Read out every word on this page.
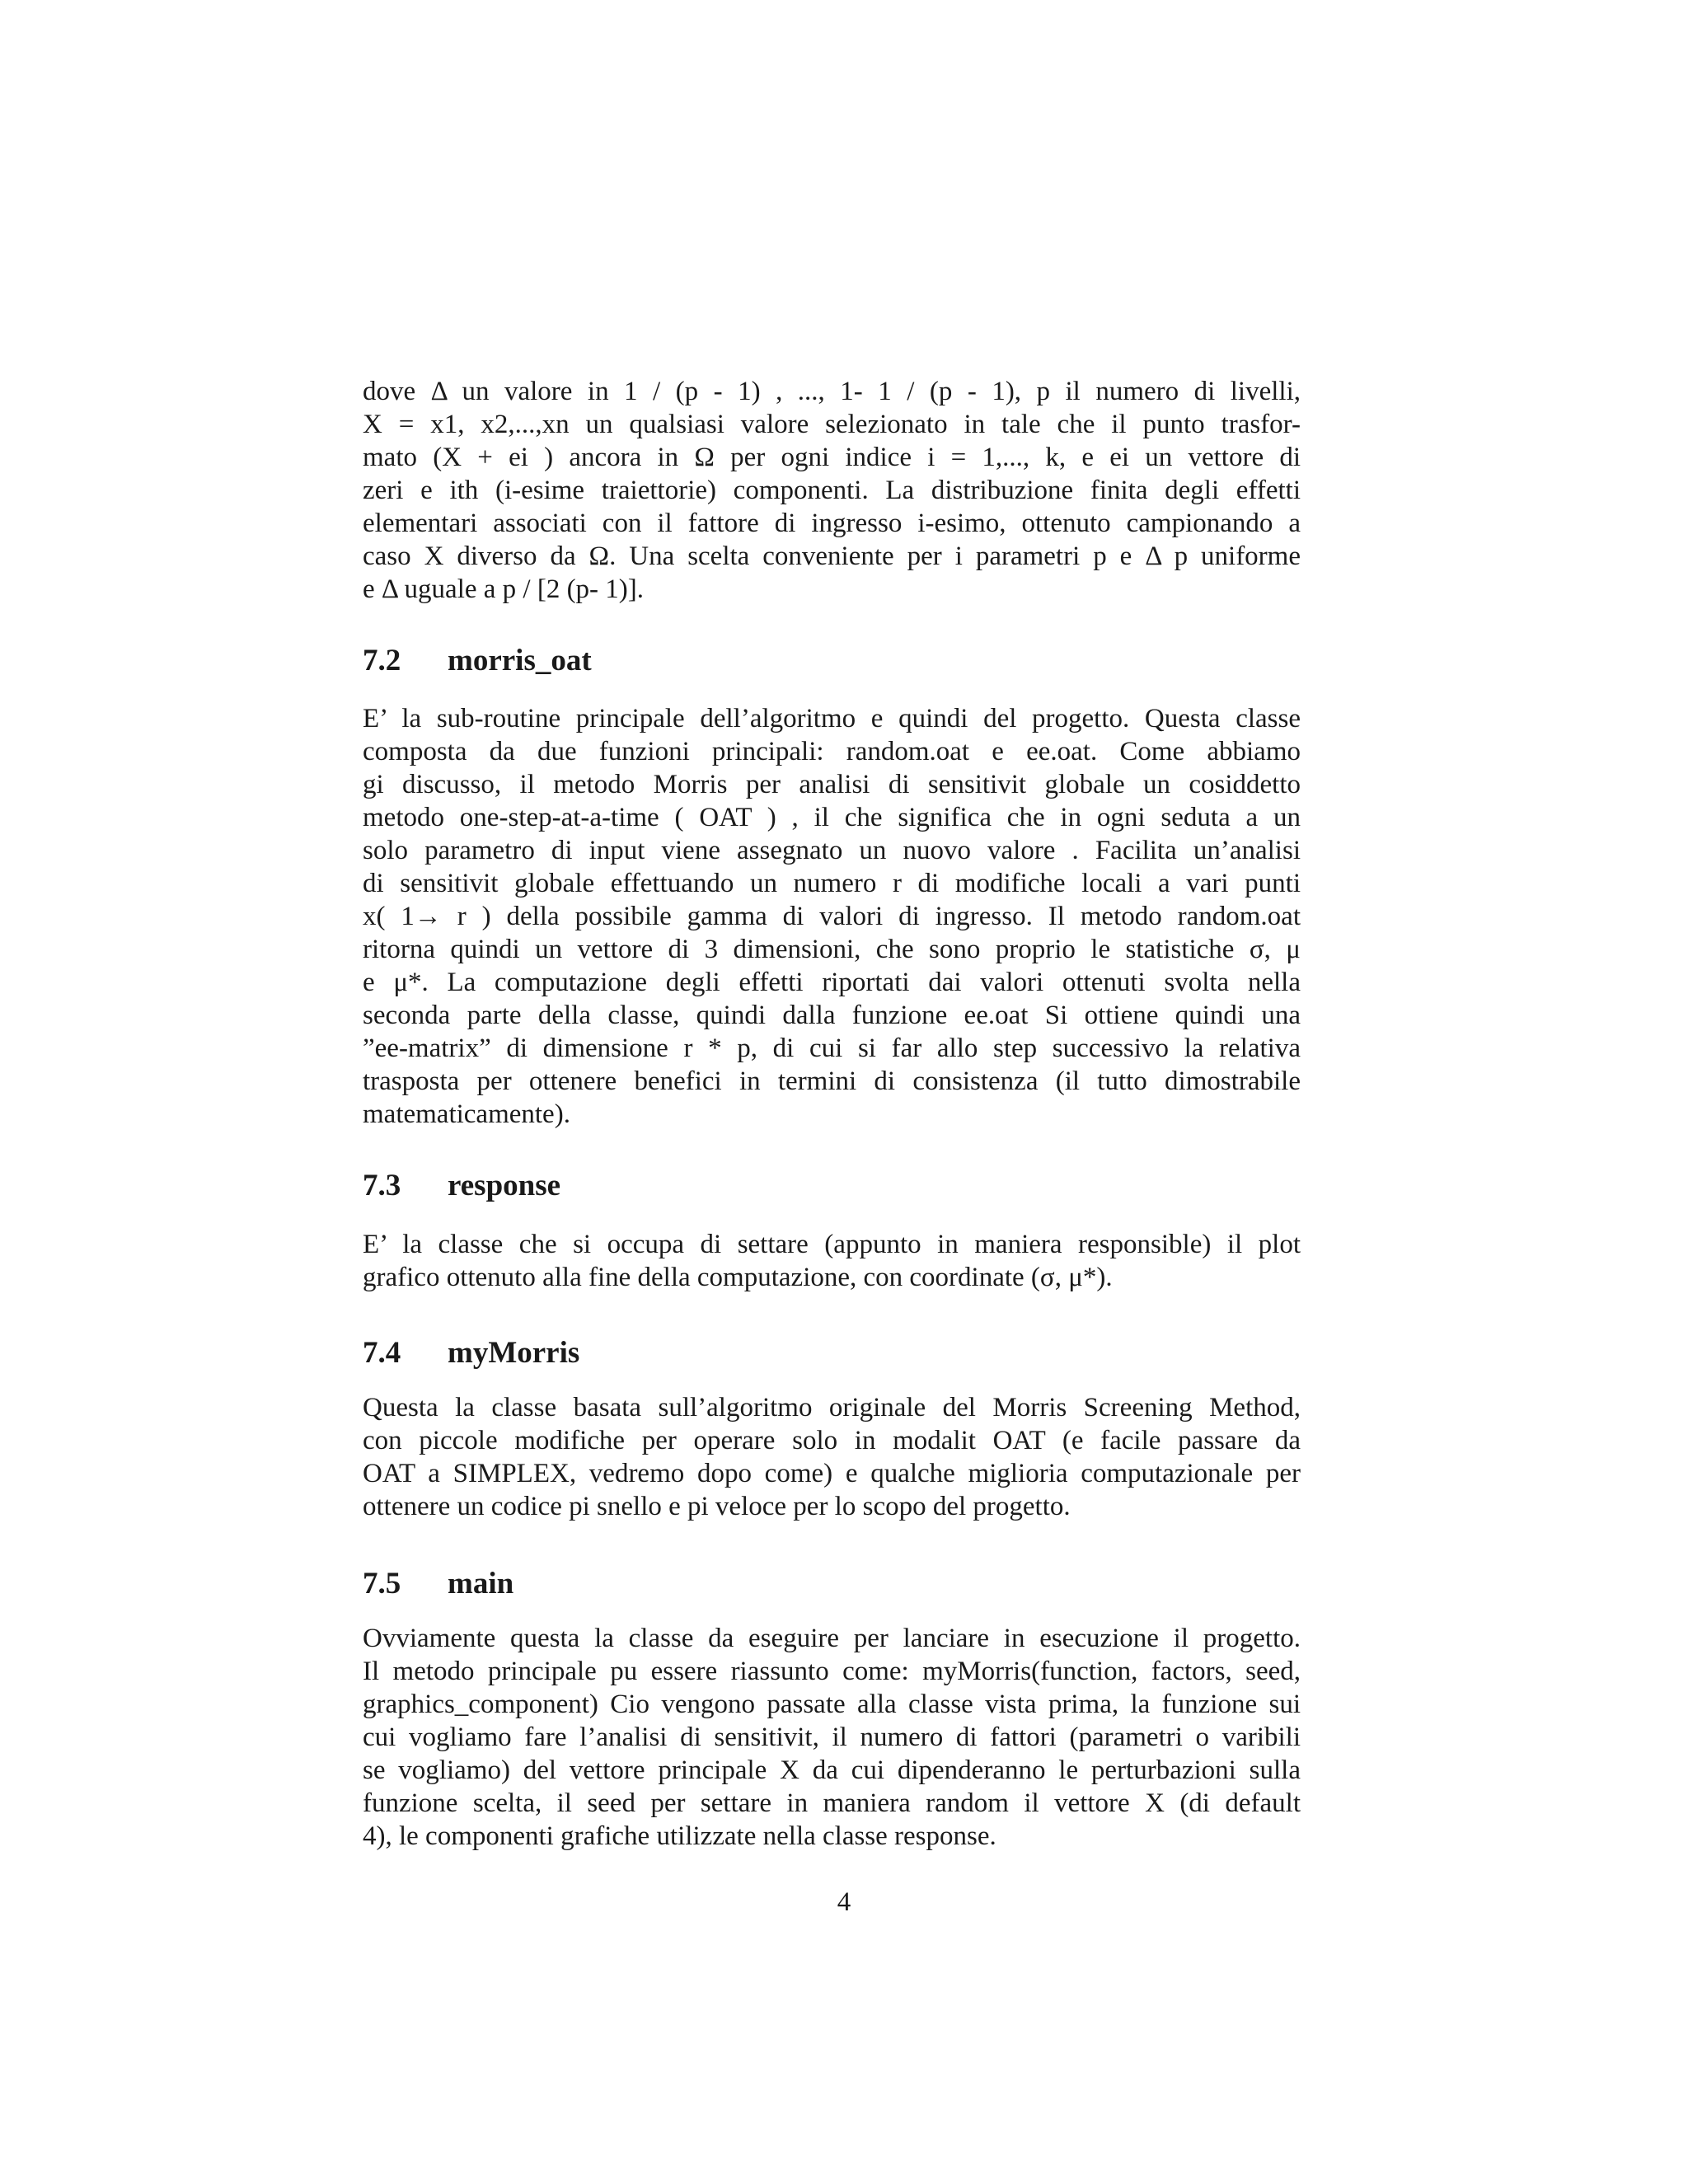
dove Δ un valore in 1 / (p - 1) , ..., 1- 1 / (p - 1), p il numero di livelli,
X = x1, x2,...,xn un qualsiasi valore selezionato in tale che il punto trasfor-
mato (X + ei ) ancora in Ω per ogni indice i = 1,..., k, e ei un vettore di
zeri e ith (i-esime traiettorie) componenti. La distribuzione finita degli effetti
elementari associati con il fattore di ingresso i-esimo, ottenuto campionando a
caso X diverso da Ω. Una scelta conveniente per i parametri p e Δ p uniforme
e Δ uguale a p / [2 (p- 1)].
7.2 morris_oat
E’ la sub-routine principale dell’algoritmo e quindi del progetto. Questa classe
composta da due funzioni principali: random.oat e ee.oat. Come abbiamo
gi discusso, il metodo Morris per analisi di sensitivit globale un cosiddetto
metodo one-step-at-a-time ( OAT ) , il che significa che in ogni seduta a un
solo parametro di input viene assegnato un nuovo valore . Facilita un’analisi
di sensitivit globale effettuando un numero r di modifiche locali a vari punti
x( 1→ r ) della possibile gamma di valori di ingresso. Il metodo random.oat
ritorna quindi un vettore di 3 dimensioni, che sono proprio le statistiche σ, μ
e μ*. La computazione degli effetti riportati dai valori ottenuti svolta nella
seconda parte della classe, quindi dalla funzione ee.oat Si ottiene quindi una
”ee-matrix” di dimensione r * p, di cui si far allo step successivo la relativa
trasposta per ottenere benefici in termini di consistenza (il tutto dimostrabile
matematicamente).
7.3 response
E’ la classe che si occupa di settare (appunto in maniera responsible) il plot
grafico ottenuto alla fine della computazione, con coordinate (σ, μ*).
7.4 myMorris
Questa la classe basata sull’algoritmo originale del Morris Screening Method,
con piccole modifiche per operare solo in modalit OAT (e facile passare da
OAT a SIMPLEX, vedremo dopo come) e qualche miglioria computazionale per
ottenere un codice pi snello e pi veloce per lo scopo del progetto.
7.5 main
Ovviamente questa la classe da eseguire per lanciare in esecuzione il progetto.
Il metodo principale pu essere riassunto come: myMorris(function, factors, seed,
graphics_component) Cio vengono passate alla classe vista prima, la funzione sui
cui vogliamo fare l’analisi di sensitivit, il numero di fattori (parametri o varibili
se vogliamo) del vettore principale X da cui dipenderanno le perturbazioni sulla
funzione scelta, il seed per settare in maniera random il vettore X (di default
4), le componenti grafiche utilizzate nella classe response.
4
